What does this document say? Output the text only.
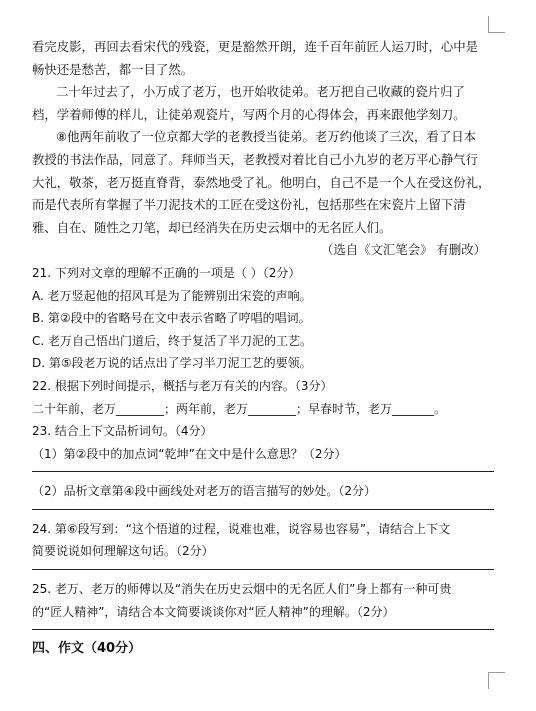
看完皮影，再回去看宋代的残瓷，更是豁然开朗，连千百年前匠人运刀时，心中是
畅快还是愁苦，都一目了然。
二十年过去了，小万成了老万，也开始收徒弟。老万把自己收藏的瓷片归了
档，学着师傅的样儿，让徒弟观瓷片，写两个月的心得体会，再来跟他学刻刀。
⑧他两年前收了一位京都大学的老教授当徒弟。老万约他谈了三次，看了日本
教授的书法作品，同意了。拜师当天，老教授对着比自己小九岁的老万平心静气行
大礼，敬茶，老万挺直脊背，泰然地受了礼。他明白，自己不是一个人在受这份礼，
而是代表所有掌握了半刀泥技术的工匠在受这份礼，包括那些在宋瓷片上留下清
雅、自在、随性之刀笔，却已经消失在历史云烟中的无名匠人们。
（选自《文汇笔会》 有删改）
21. 下列对文章的理解不正确的一项是（ ）（2分）
A. 老万竖起他的招风耳是为了能辨别出宋瓷的声响。
B. 第②段中的省略号在文中表示省略了哼唱的唱词。
C. 老万自己悟出门道后，终于复活了半刀泥的工艺。
D. 第⑤段老万说的话点出了学习半刀泥工艺的要领。
22. 根据下列时间提示，概括与老万有关的内容。（3分）
二十年前，老万________；两年前，老万________；早春时节，老万_______。
23. 结合上下文品析词句。（4分）
（1）第②段中的加点词“乾坤”在文中是什么意思？（2分）
（2）品析文章第④段中画线处对老万的语言描写的妙处。（2分）
24. 第⑥段写到：“这个悟道的过程，说难也难，说容易也容易”，请结合上下文
简要说说如何理解这句话。（2分）
25. 老万、老万的师傅以及“消失在历史云烟中的无名匠人们”身上都有一种可贵
的“匠人精神”，请结合本文简要谈谈你对“匠人精神”的理解。（2分）
四、作文（40分）
